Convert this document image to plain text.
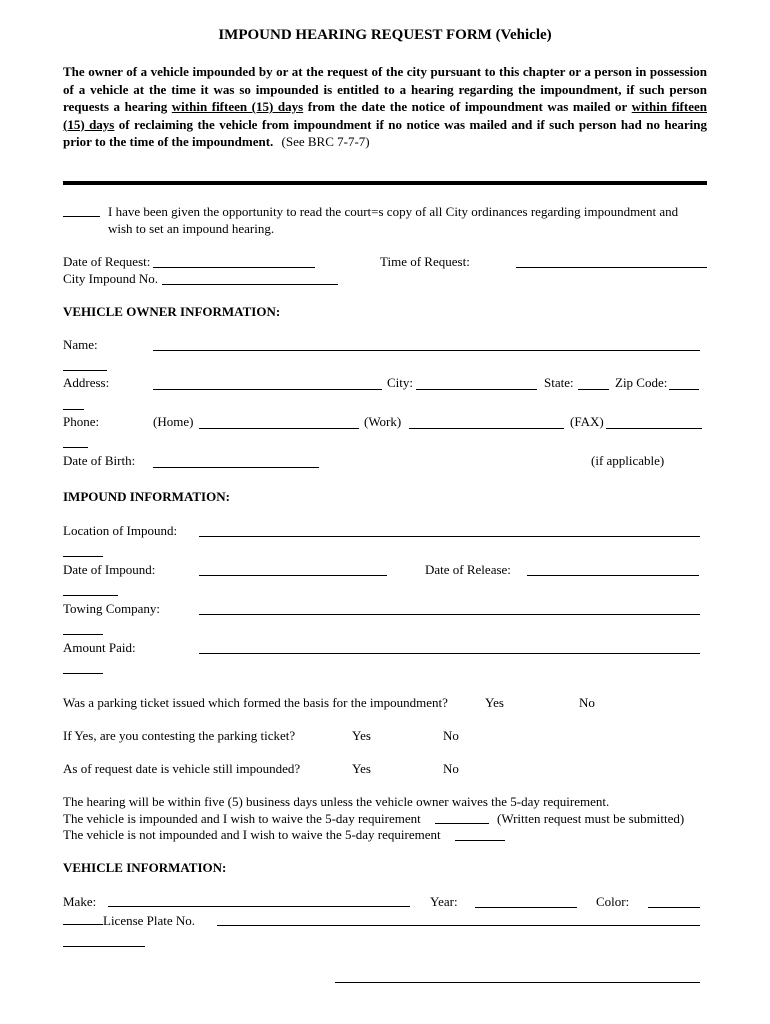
IMPOUND HEARING REQUEST FORM (Vehicle)
The owner of a vehicle impounded by or at the request of the city pursuant to this chapter or a person in possession
of a vehicle at the time it was so impounded is entitled to a hearing regarding the impoundment, if such person
requests a hearing within fifteen (15) days from the date the notice of impoundment was mailed or within fifteen
(15) days of reclaiming the vehicle from impoundment if no notice was mailed and if such person had no hearing
prior to the time of the impoundment. (See BRC 7-7-7)
I have been given the opportunity to read the court=s copy of all City ordinances regarding impoundment and
wish to set an impound hearing.
Date of Request:	Time of Request:
City Impound No.
VEHICLE OWNER INFORMATION:
Name:
Address:	City:	State:	Zip Code:
Phone:	(Home)	(Work)	(FAX)
Date of Birth:	(if applicable)
IMPOUND INFORMATION:
Location of Impound:
Date of Impound:	Date of Release:
Towing Company:
Amount Paid:
Was a parking ticket issued which formed the basis for the impoundment?	Yes	No
If Yes, are you contesting the parking ticket?	Yes	No
As of request date is vehicle still impounded?	Yes	No
The hearing will be within five (5) business days unless the vehicle owner waives the 5-day requirement.
The vehicle is impounded and I wish to waive the 5-day requirement	(Written request must be submitted)
The vehicle is not impounded and I wish to waive the 5-day requirement
VEHICLE INFORMATION:
Make:	Year:	Color:
License Plate No.
